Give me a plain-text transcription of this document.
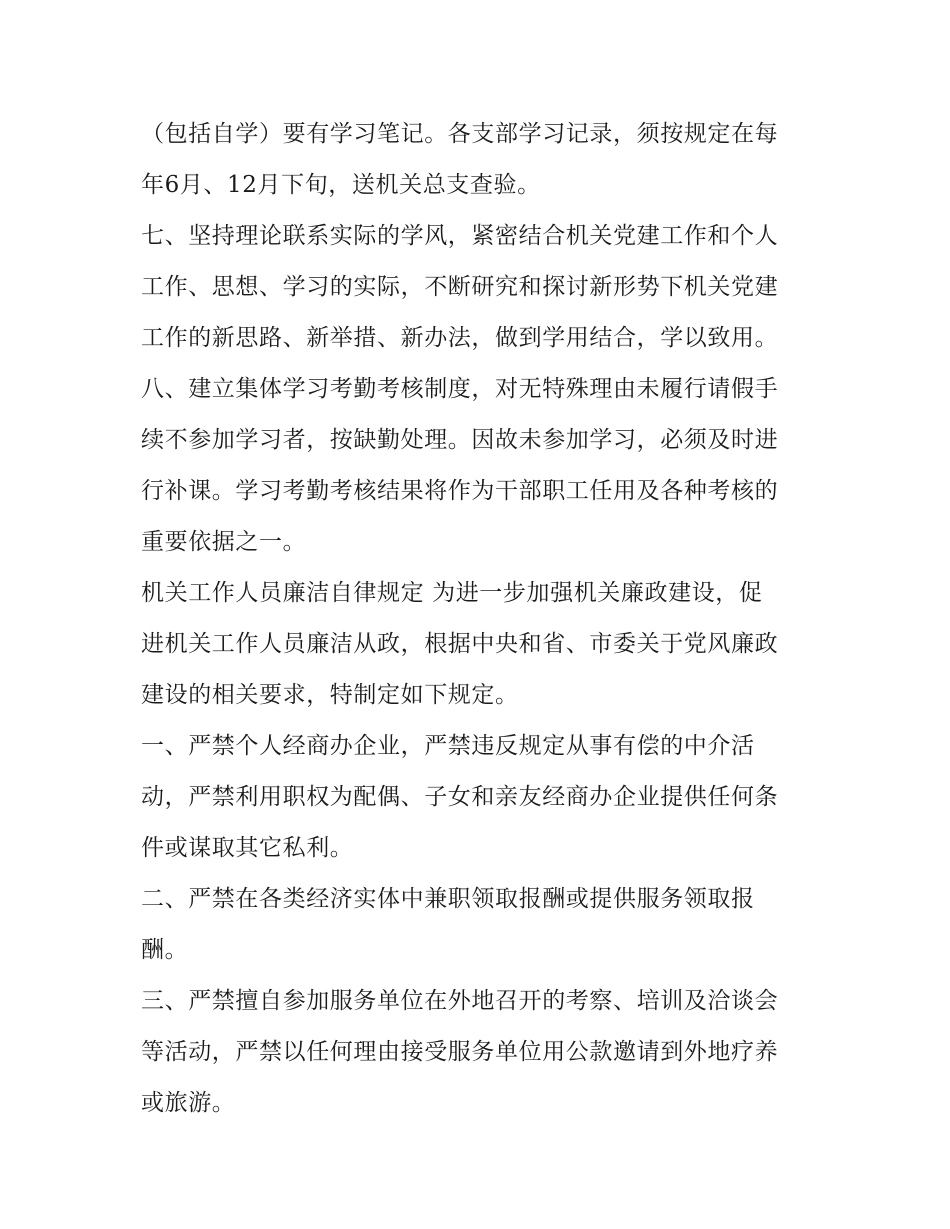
（包括自学）要有学习笔记。各支部学习记录，须按规定在每
年6月、12月下旬，送机关总支查验。
七、坚持理论联系实际的学风，紧密结合机关党建工作和个人
工作、思想、学习的实际，不断研究和探讨新形势下机关党建
工作的新思路、新举措、新办法，做到学用结合，学以致用。
八、建立集体学习考勤考核制度，对无特殊理由未履行请假手
续不参加学习者，按缺勤处理。因故未参加学习，必须及时进
行补课。学习考勤考核结果将作为干部职工任用及各种考核的
重要依据之一。
机关工作人员廉洁自律规定 为进一步加强机关廉政建设，促
进机关工作人员廉洁从政，根据中央和省、市委关于党风廉政
建设的相关要求，特制定如下规定。
一、严禁个人经商办企业，严禁违反规定从事有偿的中介活
动，严禁利用职权为配偶、子女和亲友经商办企业提供任何条
件或谋取其它私利。
二、严禁在各类经济实体中兼职领取报酬或提供服务领取报
酬。
三、严禁擅自参加服务单位在外地召开的考察、培训及洽谈会
等活动，严禁以任何理由接受服务单位用公款邀请到外地疗养
或旅游。
